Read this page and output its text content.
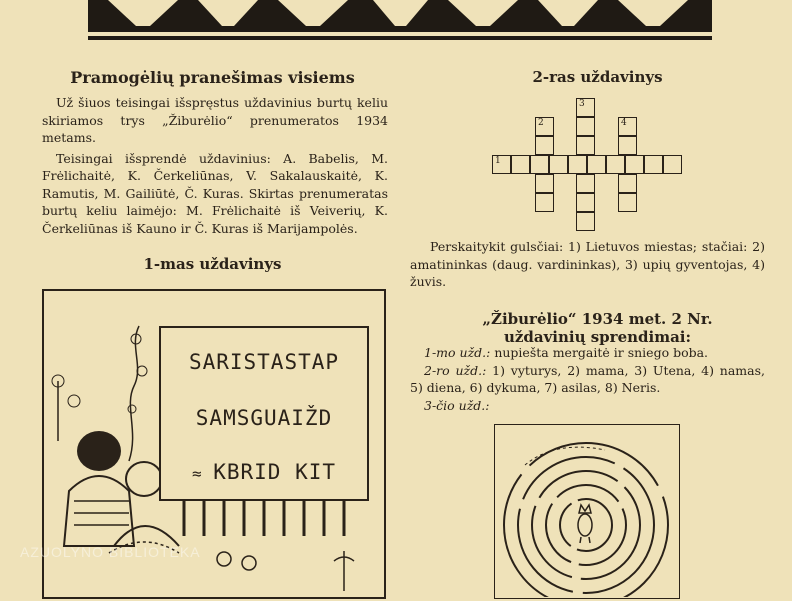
Pramogėlių pranešimas visiems

Už šiuos teisingai išspręstus uždavinius burtų keliu skiriamos trys „Žiburėlio“ prenumeratos 1934 metams.

Teisingai išsprendė uždavinius: A. Babelis, M. Frėlichaitė, K. Čerkeliūnas, V. Sakalauskaitė, K. Ramutis, M. Gailiūtė, Č. Kuras. Skirtas prenumeratas burtų keliu laimėjo: M. Frėlichaitė iš Veiverių, K. Čerkeliūnas iš Kauno ir Č. Kuras iš Marijampolės.

1-mas uždavinys
SARISTASTAP
SAMSGUAIŽD
≈ KBRID KIT
2-ras uždavinys
1
2
3
4
Perskaitykit gulsčiai: 1) Lietuvos miestas; stačiai: 2) amatininkas (daug. vardininkas), 3) upių gyventojas, 4) žuvis.
„Žiburėlio“ 1934 met. 2 Nr.
uždavinių sprendimai:

1-mo užd.: nupiešta mergaitė ir sniego boba.

2-ro užd.: 1) vyturys, 2) mama, 3) Utena, 4) namas, 5) diena, 6) dykuma, 7) asilas, 8) Neris.

3-čio užd.:

AZUOLYNO BIBLIOTEKA
